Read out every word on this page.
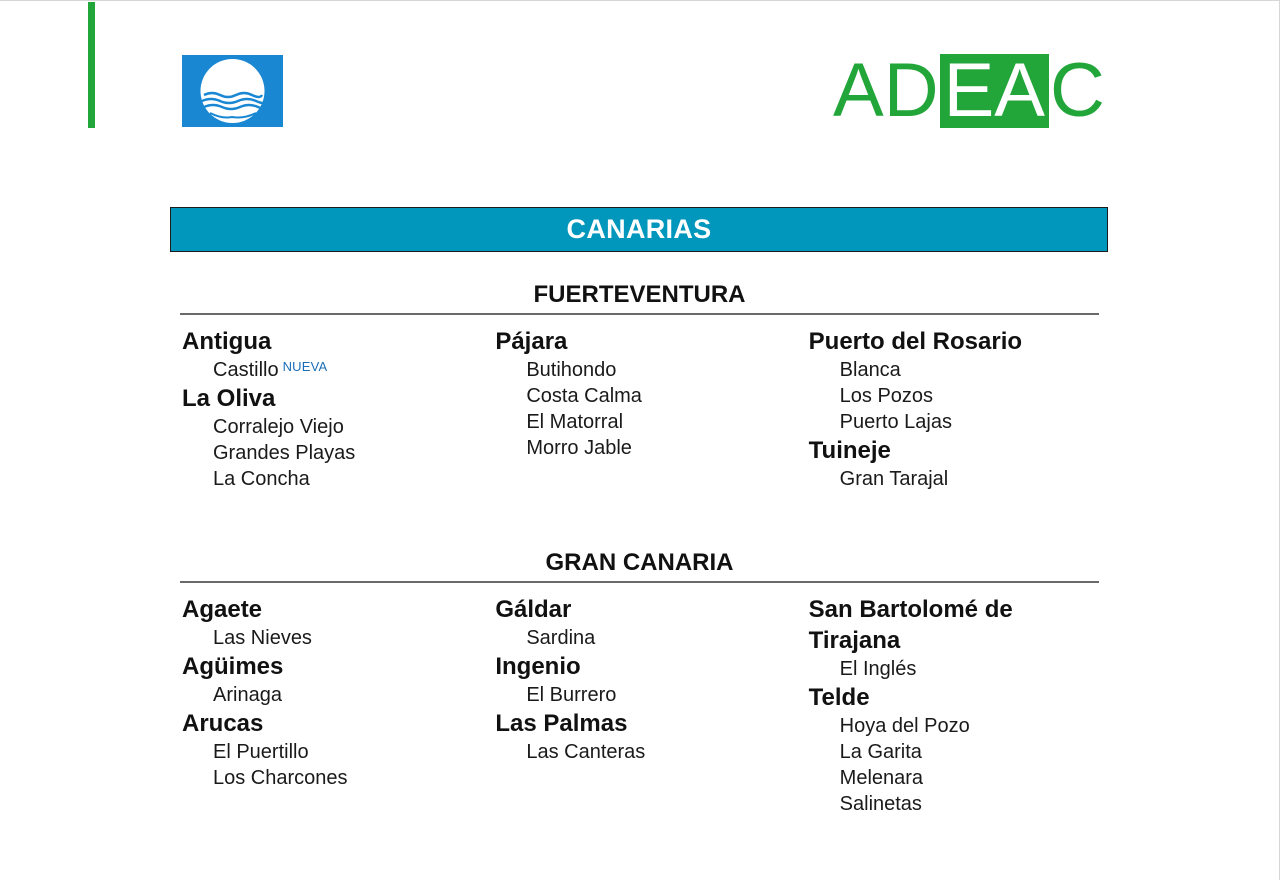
AD EA C
CANARIAS
FUERTEVENTURA
Antigua
Castillo $^{NUEVA}$
La Oliva
Corralejo Viejo
Grandes Playas
La Concha
Pájara
Butihondo
Costa Calma
El Matorral
Morro Jable
Puerto del Rosario
Blanca
Los Pozos
Puerto Lajas
Tuineje
Gran Tarajal
GRAN CANARIA
Agaete
Las Nieves
Agüimes
Arinaga
Arucas
El Puertillo
Los Charcones
Gáldar
Sardina
Ingenio
El Burrero
Las Palmas
Las Canteras
San Bartolomé de Tirajana
El Inglés
Telde
Hoya del Pozo
La Garita
Melenara
Salinetas
